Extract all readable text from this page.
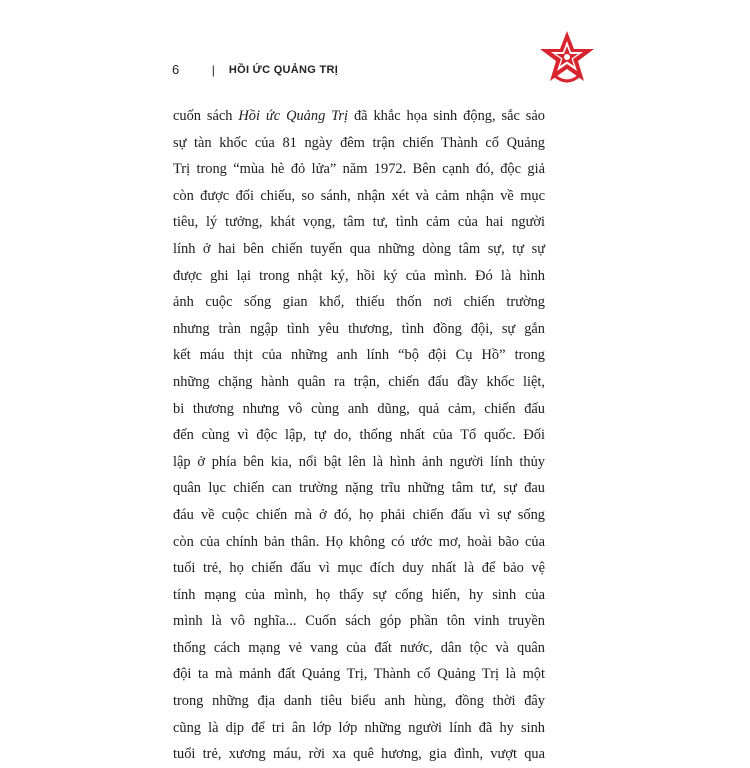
6	| HỒI ỨC QUẢNG TRỊ
cuốn sách Hồi ức Quảng Trị đã khắc họa sinh động, sắc sảo
sự tàn khốc của 81 ngày đêm trận chiến Thành cổ Quảng
Trị trong “mùa hè đỏ lửa” năm 1972. Bên cạnh đó, độc giả
còn được đối chiếu, so sánh, nhận xét và cảm nhận về mục
tiêu, lý tưởng, khát vọng, tâm tư, tình cảm của hai người
lính ở hai bên chiến tuyến qua những dòng tâm sự, tự sự
được ghi lại trong nhật ký, hồi ký của mình. Đó là hình
ảnh cuộc sống gian khổ, thiếu thốn nơi chiến trường
nhưng tràn ngập tình yêu thương, tình đồng đội, sự gắn
kết máu thịt của những anh lính “bộ đội Cụ Hồ” trong
những chặng hành quân ra trận, chiến đấu đầy khốc liệt,
bi thương nhưng vô cùng anh dũng, quả cảm, chiến đấu
đến cùng vì độc lập, tự do, thống nhất của Tổ quốc. Đối
lập ở phía bên kia, nổi bật lên là hình ảnh người lính thủy
quân lục chiến can trường nặng trĩu những tâm tư, sự đau
đáu về cuộc chiến mà ở đó, họ phải chiến đấu vì sự sống
còn của chính bản thân. Họ không có ước mơ, hoài bão của
tuổi trẻ, họ chiến đấu vì mục đích duy nhất là để bảo vệ
tính mạng của mình, họ thấy sự cống hiến, hy sinh của
mình là vô nghĩa... Cuốn sách góp phần tôn vinh truyền
thống cách mạng vẻ vang của đất nước, dân tộc và quân
đội ta mà mảnh đất Quảng Trị, Thành cổ Quảng Trị là một
trong những địa danh tiêu biểu anh hùng, đồng thời đây
cũng là dịp để tri ân lớp lớp những người lính đã hy sinh
tuổi trẻ, xương máu, rời xa quê hương, gia đình, vượt qua
